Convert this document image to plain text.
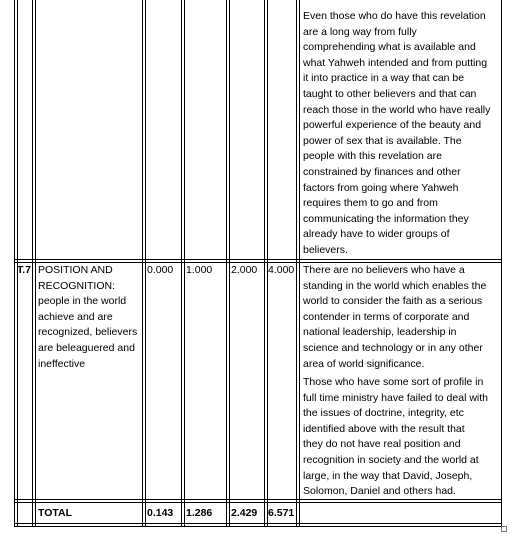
Even those who do have this revelation
are a long way from fully
comprehending what is available and
what Yahweh intended and from putting
it into practice in a way that can be
taught to other believers and that can
reach those in the world who have really
powerful experience of the beauty and
power of sex that is available. The
people with this revelation are
constrained by finances and other
factors from going where Yahweh
requires them to go and from
communicating the information they
already have to wider groups of
believers.
T.7 POSITION AND
RECOGNITION:
people in the world
achieve and are
recognized, believers
are beleaguered and
ineffective
0.000 1.000 2.000 4.000 There are no believers who have a
standing in the world which enables the
world to consider the faith as a serious
contender in terms of corporate and
national leadership, leadership in
science and technology or in any other
area of world significance.
Those who have some sort of profile in
full time ministry have failed to deal with
the issues of doctrine, integrity, etc
identified above with the result that
they do not have real position and
recognition in society and the world at
large, in the way that David, Joseph,
Solomon, Daniel and others had.
TOTAL	0.143 1.286 2.429 6.571
